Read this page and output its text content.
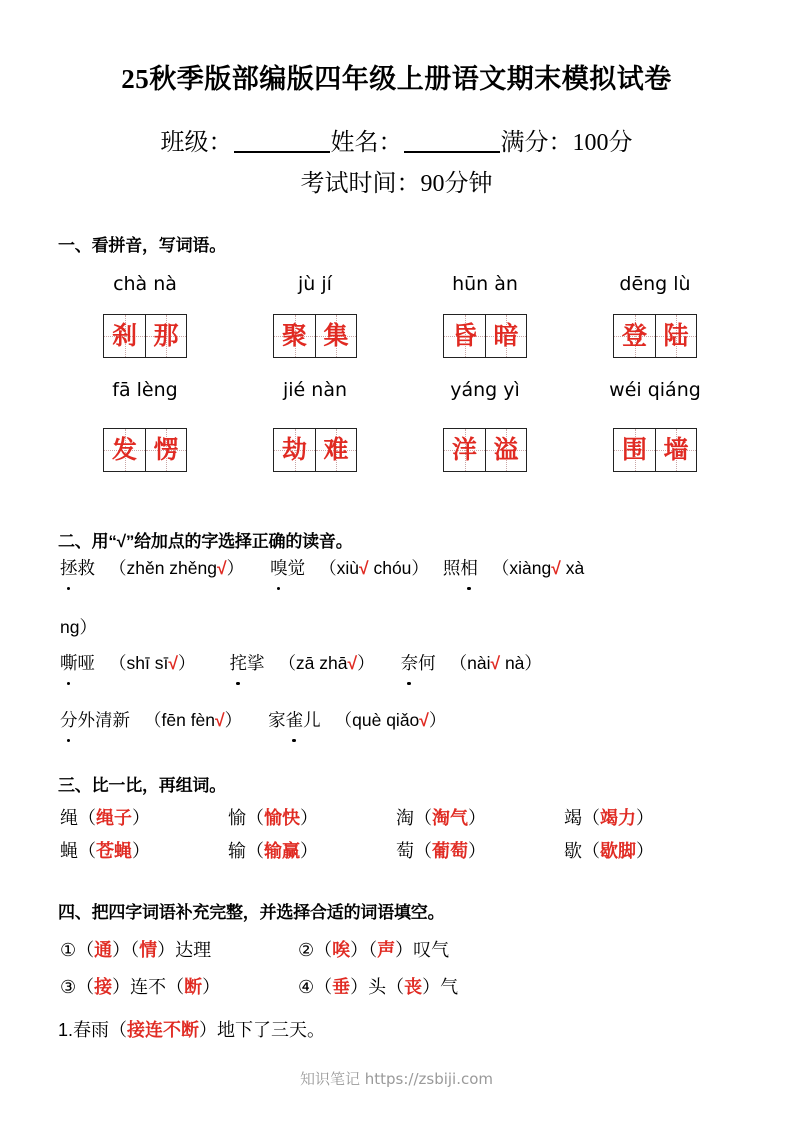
25秋季版部编版四年级上册语文期末模拟试卷
班级：	姓名：	满分：100分
考试时间：90分钟
一、看拼音，写词语。
chà nà	jù jí	hūn àn	dēng lù
刹 那	聚 集	昏 暗	登 陆
fā lèng	jié nàn	yáng yì	wéi qiáng
发 愣	劫 难	洋 溢	围 墙
二、用“√”给加点的字选择正确的读音。
拯救 （zhěn zhěng√） 嗅觉 （xiù√ chóu） 照相 （xiàng√ xà
ng）
嘶哑 （shī sī√） 挓挲 （zā zhā√） 奈何 （nài√ nà）
分外清新 （fēn fèn√） 家雀儿 （què qiǎo√）
三、比一比，再组词。
绳（绳子）	愉（愉快）	淘（淘气）	竭（竭力）
蝇（苍蝇）	输（输赢）	萄（葡萄）	歇（歇脚）
四、把四字词语补充完整，并选择合适的词语填空。
①（通）（情）达理	②（唉）（声）叹气
③（接）连不（断）	④（垂）头（丧）气
1.春雨（接连不断）地下了三天。
知识笔记 https://zsbiji.com
